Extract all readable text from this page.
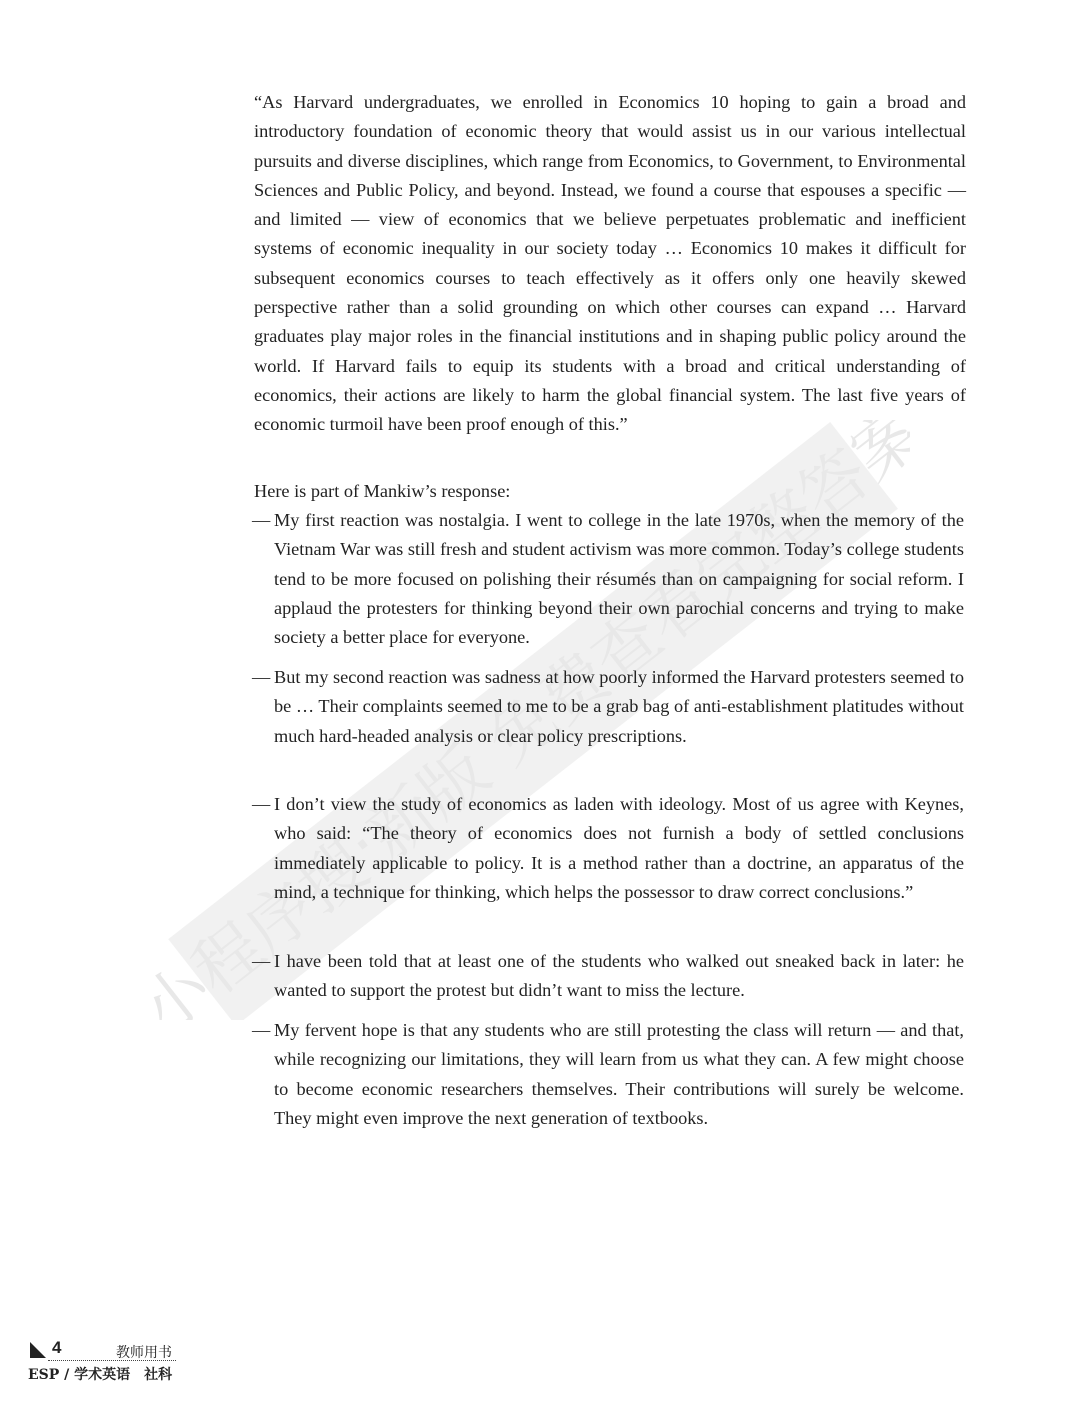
微信小程序搜:新版 免费查看完整答案解析

“As Harvard undergraduates, we enrolled in Economics 10 hoping to gain a broad and introductory foundation of economic theory that would assist us in our various intellectual pursuits and diverse disciplines, which range from Economics, to Government, to Environmental Sciences and Public Policy, and beyond. Instead, we found a course that espouses a specific — and limited — view of economics that we believe perpetuates problematic and inefficient systems of economic inequality in our society today … Economics 10 makes it difficult for subsequent economics courses to teach effectively as it offers only one heavily skewed perspective rather than a solid grounding on which other courses can expand … Harvard graduates play major roles in the financial institutions and in shaping public policy around the world. If Harvard fails to equip its students with a broad and critical understanding of economics, their actions are likely to harm the global financial system. The last five years of economic turmoil have been proof enough of this.”

Here is part of Mankiw’s response:

— My first reaction was nostalgia. I went to college in the late 1970s, when the memory of the Vietnam War was still fresh and student activism was more common. Today’s college students tend to be more focused on polishing their résumés than on campaigning for social reform. I applaud the protesters for thinking beyond their own parochial concerns and trying to make society a better place for everyone.

— But my second reaction was sadness at how poorly informed the Harvard protesters seemed to be … Their complaints seemed to me to be a grab bag of anti-establishment platitudes without much hard-headed analysis or clear policy prescriptions.

— I don’t view the study of economics as laden with ideology. Most of us agree with Keynes, who said: “The theory of economics does not furnish a body of settled conclusions immediately applicable to policy. It is a method rather than a doctrine, an apparatus of the mind, a technique for thinking, which helps the possessor to draw correct conclusions.”

— I have been told that at least one of the students who walked out sneaked back in later: he wanted to support the protest but didn’t want to miss the lecture.

— My fervent hope is that any students who are still protesting the class will return — and that, while recognizing our limitations, they will learn from us what they can. A few might choose to become economic researchers themselves. Their contributions will surely be welcome. They might even improve the next generation of textbooks.

4	教师用书
ESP / 学术英语　社科
